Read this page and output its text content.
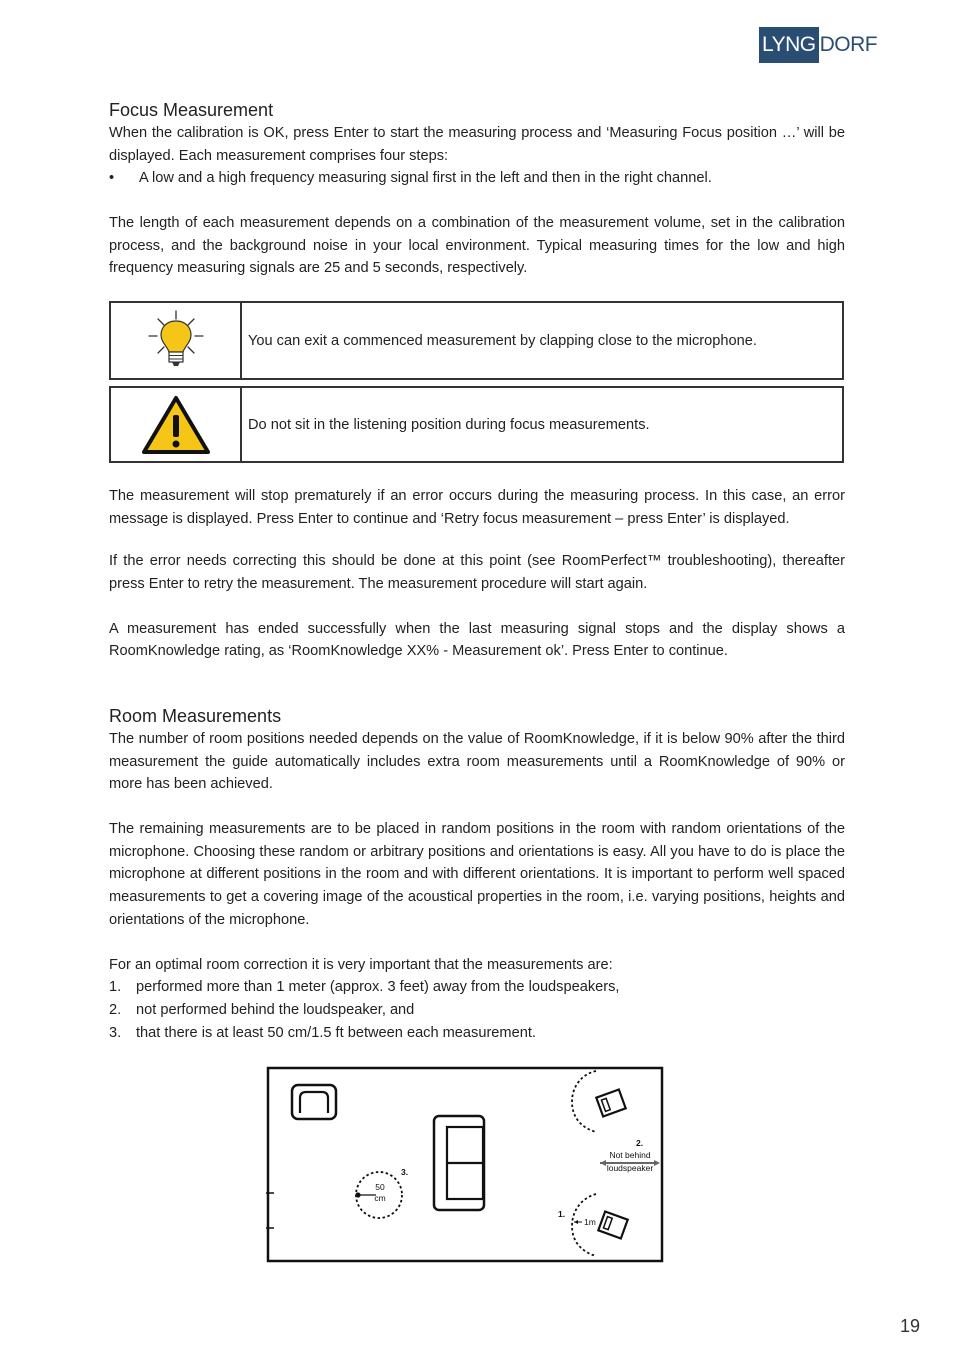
LYNG DORF
Focus Measurement

When the calibration is OK, press Enter to start the measuring process and ‘Measuring Focus position …’ will be displayed. Each measurement comprises four steps:

•	A low and a high frequency measuring signal first in the left and then in the right channel.

The length of each measurement depends on a combination of the measurement volume, set in the calibration process, and the background noise in your local environment. Typical measuring times for the low and high frequency measuring signals are 25 and 5 seconds, respectively.

You can exit a commenced measurement by clapping close to the microphone.
Do not sit in the listening position during focus measurements.

The measurement will stop prematurely if an error occurs during the measuring process. In this case, an error message is displayed. Press Enter to continue and ‘Retry focus measurement – press Enter’ is displayed.

If the error needs correcting this should be done at this point (see RoomPerfect™ troubleshooting), thereafter press Enter to retry the measurement. The measurement procedure will start again.

A measurement has ended successfully when the last measuring signal stops and the display shows a RoomKnowledge rating, as ‘RoomKnowledge XX% - Measurement ok’. Press Enter to continue.

Room Measurements

The number of room positions needed depends on the value of RoomKnowledge, if it is below 90% after the third measurement the guide automatically includes extra room measurements until a RoomKnowledge of 90% or more has been achieved.

The remaining measurements are to be placed in random positions in the room with random orientations of the microphone. Choosing these random or arbitrary positions and orientations is easy. All you have to do is place the microphone at different positions in the room and with different orientations. It is important to perform well spaced measurements to get a covering image of the acoustical properties in the room, i.e. varying positions, heights and orientations of the microphone.

For an optimal room correction it is very important that the measurements are:

1.	performed more than 1 meter (approx. 3 feet) away from the loudspeakers,
2.	not performed behind the loudspeaker, and
3.	that there is at least 50 cm/1.5 ft between each measurement.
50
cm
3.
2.
Not behind
loudspeaker
1.
1m
19
